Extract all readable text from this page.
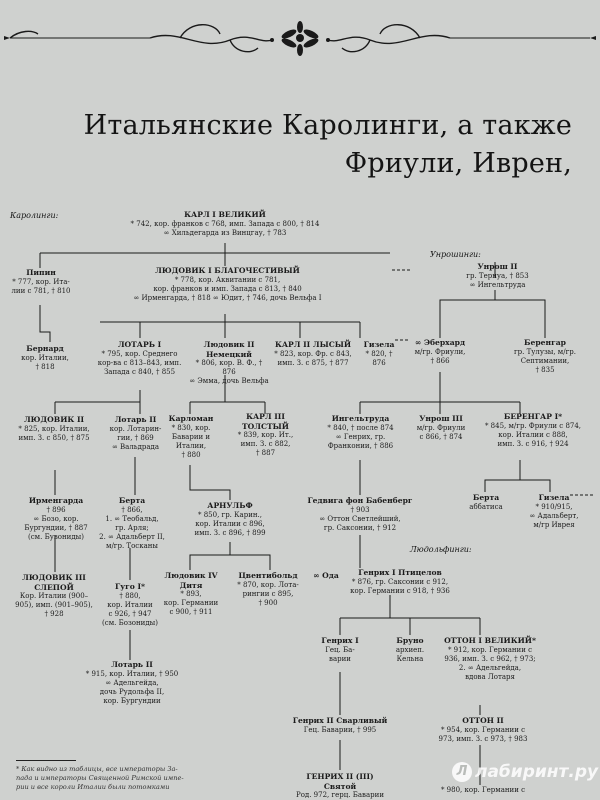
Итальянские Каролинги, а также
Фриули, Иврен,
Каролинги:
Унрошинги:
Людольфинги:
КАРЛ I ВЕЛИКИЙ
* 742, кор. франков с 768, имп. Запада с 800, † 814
∞ Хильдегарда из Винцгау, † 783
Пипин
* 777, кор. Ита-
лии с 781, † 810
ЛЮДОВИК I БЛАГОЧЕСТИВЫЙ
* 778, кор. Аквитании с 781,
кор. франков и имп. Запада с 813, † 840
∞ Ирменгарда, † 818 ∞ Юдит, † 746, дочь Вельфа I
Унрош II
гр. Тернуа, † 853
∞ Ингельтруда
Бернард
кор. Италии,
† 818
ЛОТАРЬ I
* 795, кор. Среднего
кор-ва с 813–843, имп.
Запада с 840, † 855
Людовик II Немецкий
* 806, кор. В. Ф., † 876
∞ Эмма, дочь Вельфа
КАРЛ II ЛЫСЫЙ
* 823, кор. Фр. с 843,
имп. З. с 875, † 877
Гизела
* 820, † 876
∞ Эберхард
м/гр. Фриули,
† 866
Беренгар
гр. Тулузы, м/гр.
Септимании,
† 835
ЛЮДОВИК II
* 825, кор. Италии,
имп. З. с 850, † 875
Лотарь II
кор. Лотарин-
гии, † 869
∞ Вальдрада
Карломан
* 830, кор.
Баварии и
Италии,
† 880
КАРЛ III ТОЛСТЫЙ
* 839, кор. Ит.,
имп. З. с 882,
† 887
Ингельтруда
* 840, † после 874
∞ Генрих, гр.
Франконии, † 886
Унрош III
м/гр. Фриули
с 866, † 874
БЕРЕНГАР I*
* 845, м/гр. Фриули с 874,
кор. Италии с 888,
имп. З. с 916, † 924
Ирменгарда
† 896
∞ Бозо, кор.
Бургундии, † 887
(см. Бувониды)
Берта
† 866,
1. ∞ Теобальд,
гр. Арля;
2. ∞ Адальберт II,
м/гр. Тосканы
АРНУЛЬФ
* 850, гр. Карин.,
кор. Италии с 896,
имп. З. с 896, † 899
Гедвига фон Бабенберг
† 903
∞ Оттон Светлейший,
гр. Саксонии, † 912
Берта
аббатиса
Гизела
* 910/915,
∞ Адальберт,
м/гр Иврея
ЛЮДОВИК III СЛЕПОЙ
Кор. Италии (900–
905), имп. (901–905),
† 928
Гуго I*
† 880,
кор. Италии
с 926, † 947
(см. Бозониды)
Людовик IV Дитя
* 893,
кор. Германии
с 900, † 911
Цвентибольд
* 870, кор. Лота-
рингии с 895,
† 900
∞ Ода	Генрих I Птицелов
* 876, гр. Саксонии с 912,
кор. Германии с 918, † 936
Лотарь II
* 915, кор. Италии, † 950
∞ Адельгейда,
дочь Рудольфа II,
кор. Бургундии
Генрих I
Гец. Ба-
варии
Бруно
архиеп.
Кельна
ОТТОН I ВЕЛИКИЙ*
* 912, кор. Германии с
936, имп. З. с 962, † 973;
2. ∞ Адельгейда,
вдова Лотаря
Генрих II Сварливый
Гец. Баварии, † 995
ОТТОН II
* 954, кор. Германии с
973, имп. З. с 973, † 983
ГЕНРИХ II (III) Святой
Род. 972, герц. Баварии
* 980, кор. Германии с
* Как видно из таблицы, все императоры За-
пада и императоры Священной Римской импе-
рии и все короли Италии были потомками
Л лабиринт.ру
